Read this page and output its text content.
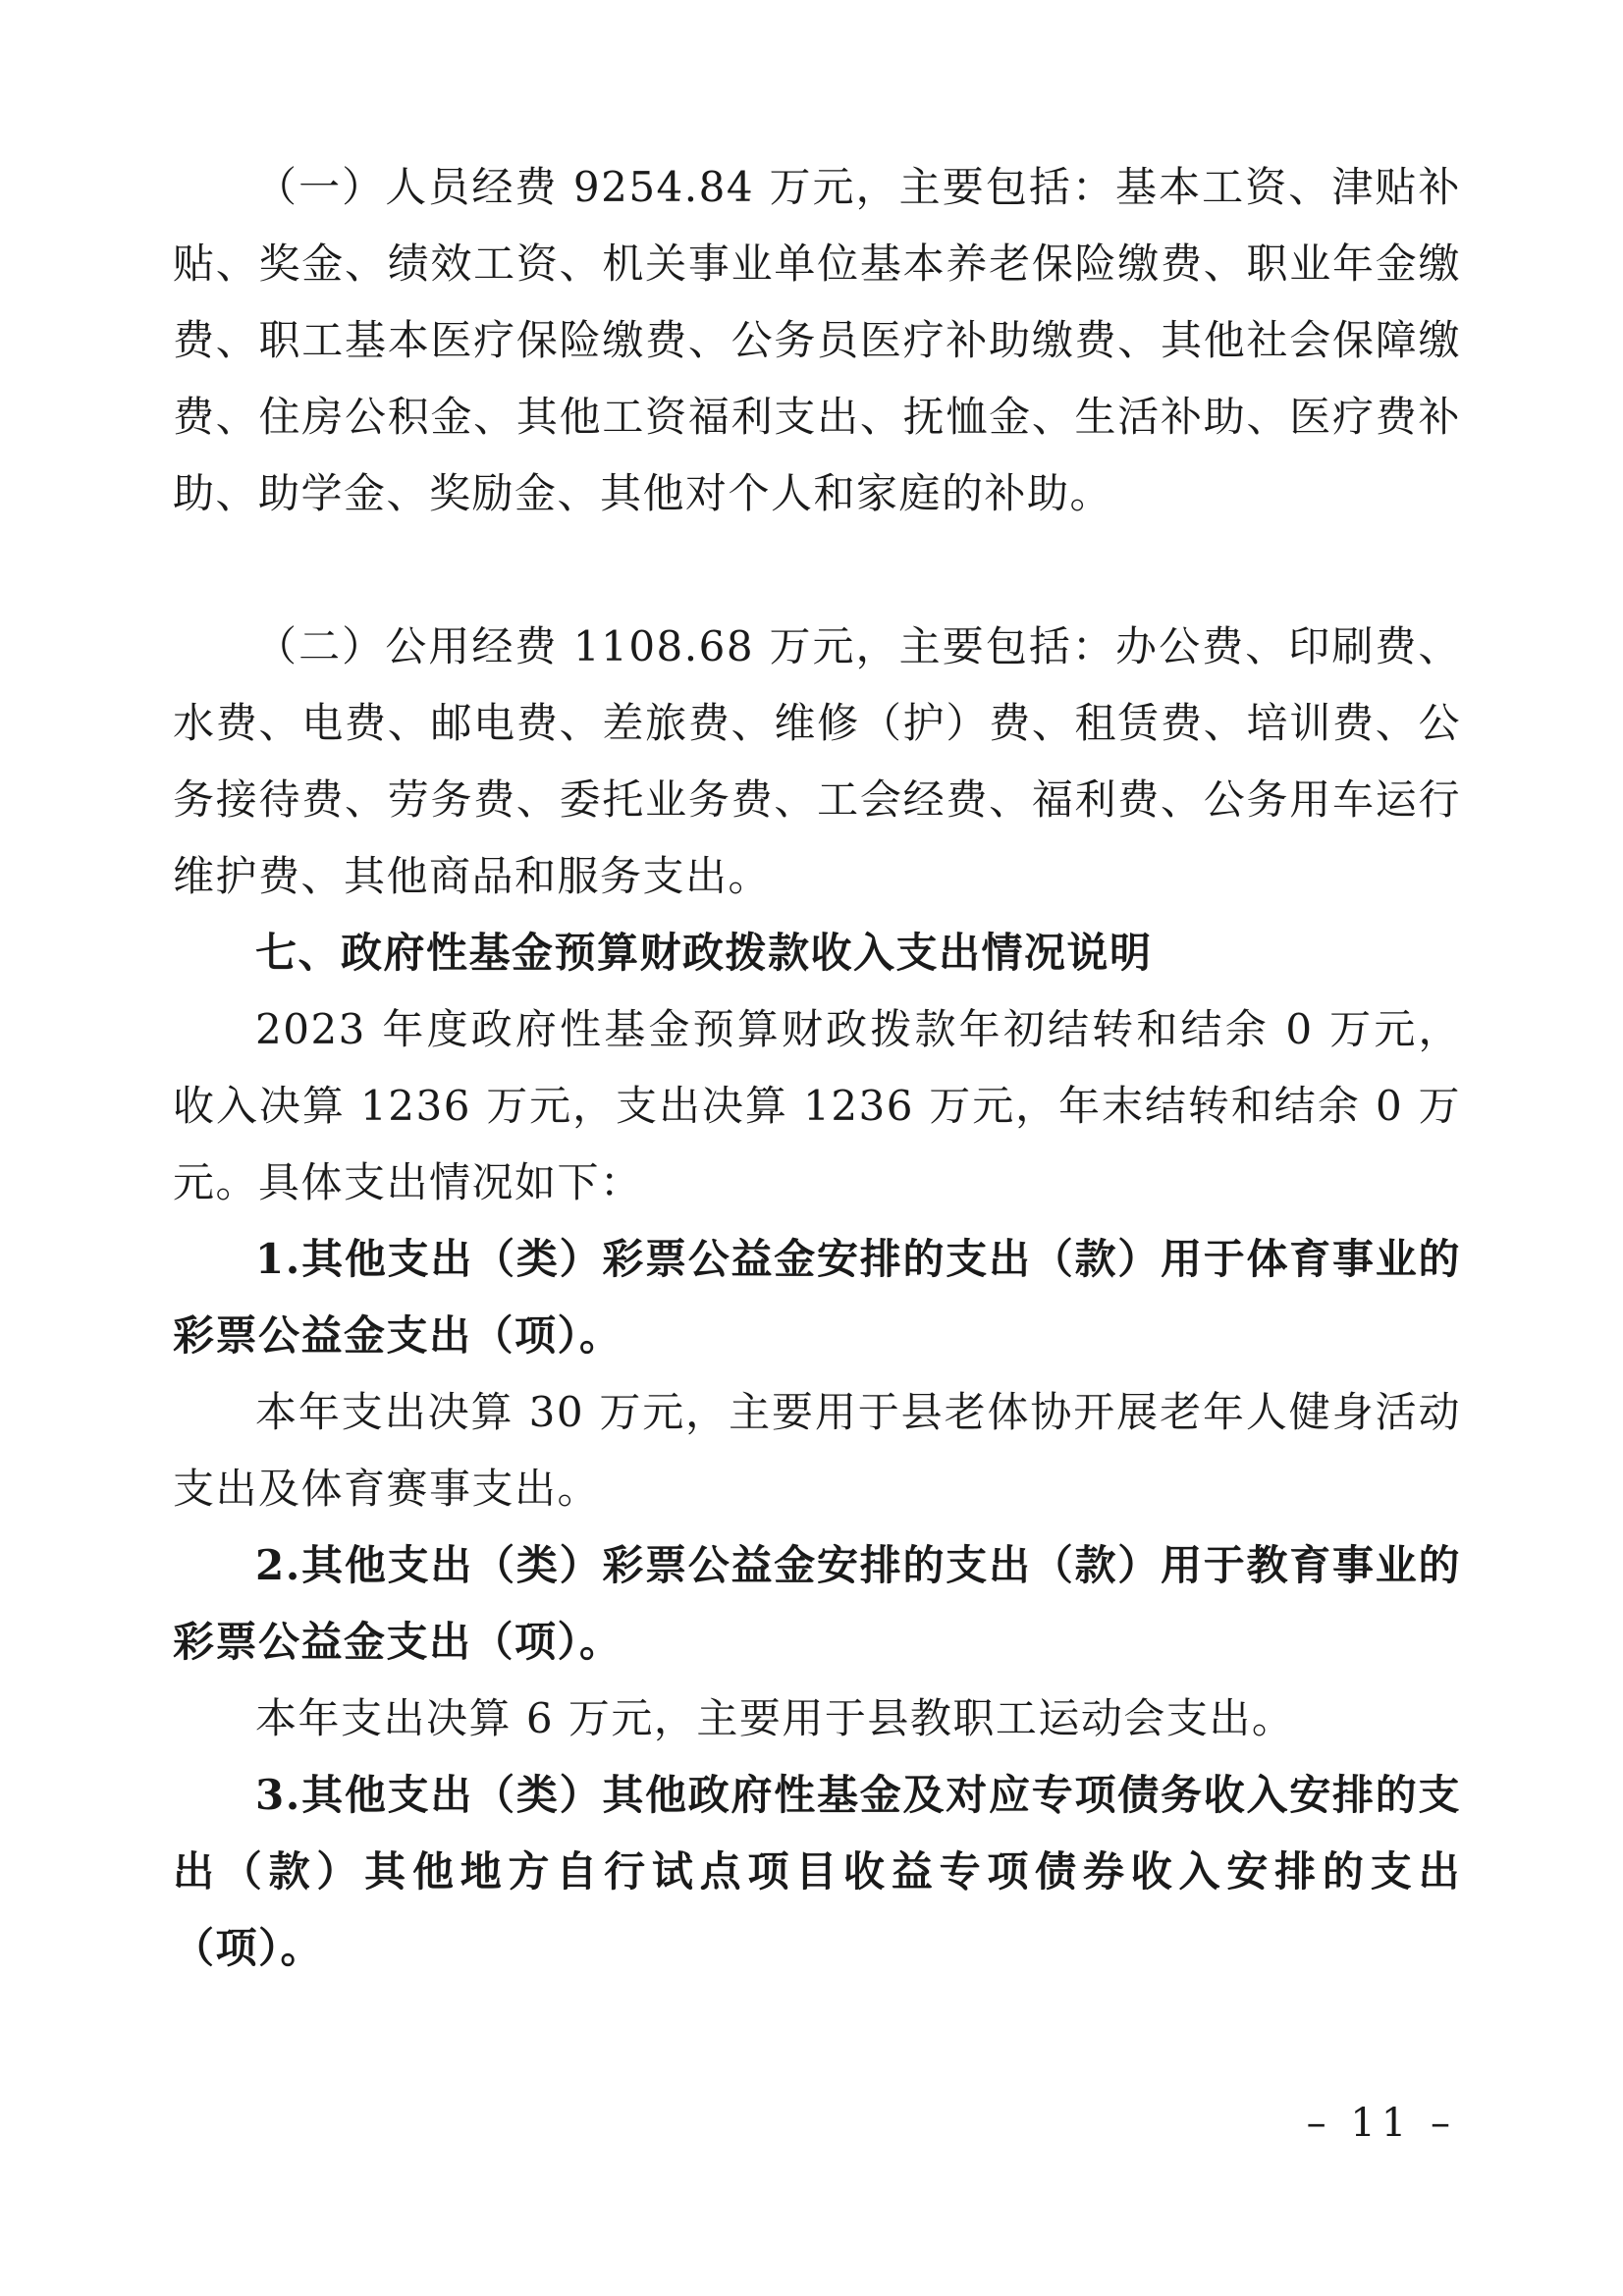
（一）人员经费 9254.84 万元，主要包括：基本工资、津贴补贴、奖金、绩效工资、机关事业单位基本养老保险缴费、职业年金缴费、职工基本医疗保险缴费、公务员医疗补助缴费、其他社会保障缴费、住房公积金、其他工资福利支出、抚恤金、生活补助、医疗费补助、助学金、奖励金、其他对个人和家庭的补助。

（二）公用经费 1108.68 万元，主要包括：办公费、印刷费、水费、电费、邮电费、差旅费、维修（护）费、租赁费、培训费、公务接待费、劳务费、委托业务费、工会经费、福利费、公务用车运行维护费、其他商品和服务支出。

七、政府性基金预算财政拨款收入支出情况说明

2023 年度政府性基金预算财政拨款年初结转和结余 0 万元，收入决算 1236 万元，支出决算 1236 万元，年末结转和结余 0 万元。具体支出情况如下：

1.其他支出（类）彩票公益金安排的支出（款）用于体育事业的彩票公益金支出（项）。

本年支出决算 30 万元，主要用于县老体协开展老年人健身活动支出及体育赛事支出。

2.其他支出（类）彩票公益金安排的支出（款）用于教育事业的彩票公益金支出（项）。

本年支出决算 6 万元，主要用于县教职工运动会支出。

3.其他支出（类）其他政府性基金及对应专项债务收入安排的支出（款）其他地方自行试点项目收益专项债券收入安排的支出（项）。

– 11 –
